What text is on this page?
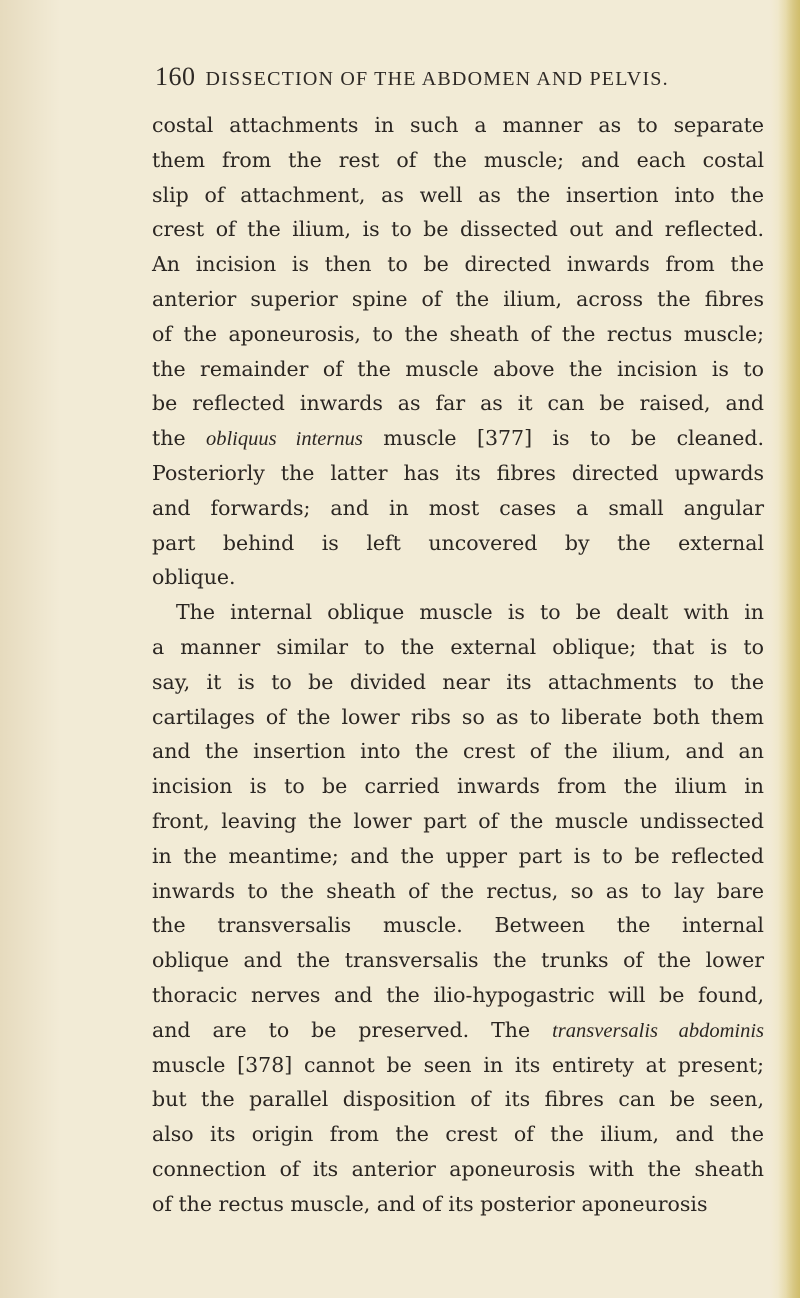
160 DISSECTION OF THE ABDOMEN AND PELVIS.
costal attachments in such a manner as to separate
them from the rest of the muscle; and each costal
slip of attachment, as well as the insertion into the
crest of the ilium, is to be dissected out and reflected.
An incision is then to be directed inwards from the
anterior superior spine of the ilium, across the fibres
of the aponeurosis, to the sheath of the rectus muscle;
the remainder of the muscle above the incision is to
be reflected inwards as far as it can be raised, and
the obliquus internus muscle [377] is to be cleaned.
Posteriorly the latter has its fibres directed upwards
and forwards; and in most cases a small angular
part behind is left uncovered by the external
oblique.
The internal oblique muscle is to be dealt with in
a manner similar to the external oblique; that is to
say, it is to be divided near its attachments to the
cartilages of the lower ribs so as to liberate both them
and the insertion into the crest of the ilium, and an
incision is to be carried inwards from the ilium in
front, leaving the lower part of the muscle undissected
in the meantime; and the upper part is to be reflected
inwards to the sheath of the rectus, so as to lay bare
the transversalis muscle. Between the internal
oblique and the transversalis the trunks of the lower
thoracic nerves and the ilio-hypogastric will be found,
and are to be preserved. The transversalis abdominis
muscle [378] cannot be seen in its entirety at present;
but the parallel disposition of its fibres can be seen,
also its origin from the crest of the ilium, and the
connection of its anterior aponeurosis with the sheath
of the rectus muscle, and of its posterior aponeurosis
